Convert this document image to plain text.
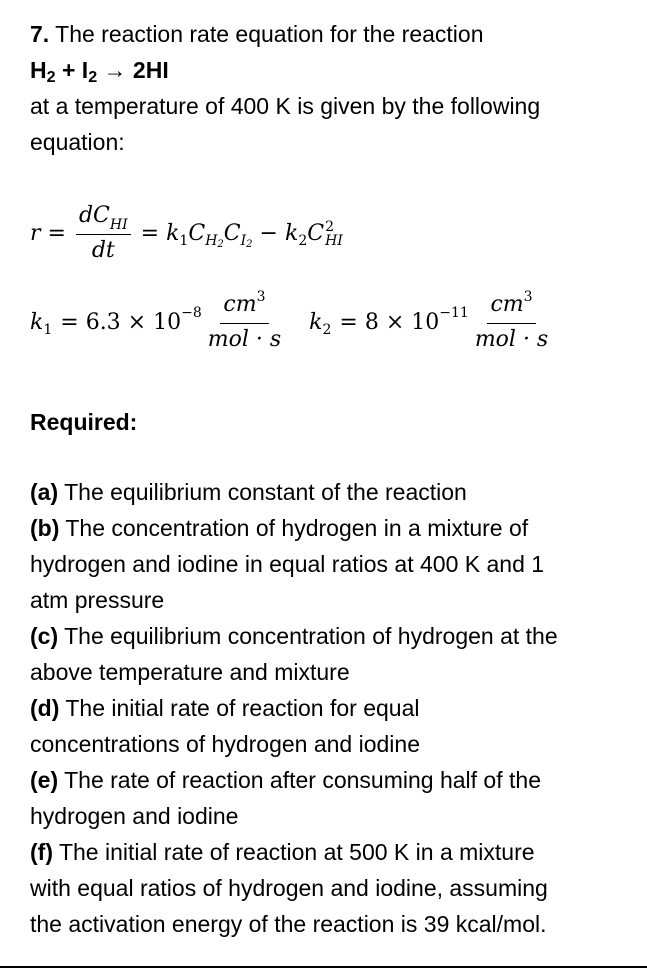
7. The reaction rate equation for the reaction
$H_2 + I_2 \to 2HI$
at a temperature of 400 K is given by the following
equation:
$r = \frac{dC_{HI}}{dt} = k$ 1 C H 2 C I 2 − k 2 C 2
HI
k $1 = 6.3 \times 10 -8 \frac{cm^3}{\text{mol · s}}$ k $2 = 8 \times 10 -11 \frac{cm^3}{\text{mol · s}}$
Required:
(a) The equilibrium constant of the reaction
(b) The concentration of hydrogen in a mixture of
hydrogen and iodine in equal ratios at 400 K and 1
atm pressure
(c) The equilibrium concentration of hydrogen at the
above temperature and mixture
(d) The initial rate of reaction for equal
concentrations of hydrogen and iodine
(e) The rate of reaction after consuming half of the
hydrogen and iodine
(f) The initial rate of reaction at 500 K in a mixture
with equal ratios of hydrogen and iodine, assuming
the activation energy of the reaction is 39 kcal/mol.
